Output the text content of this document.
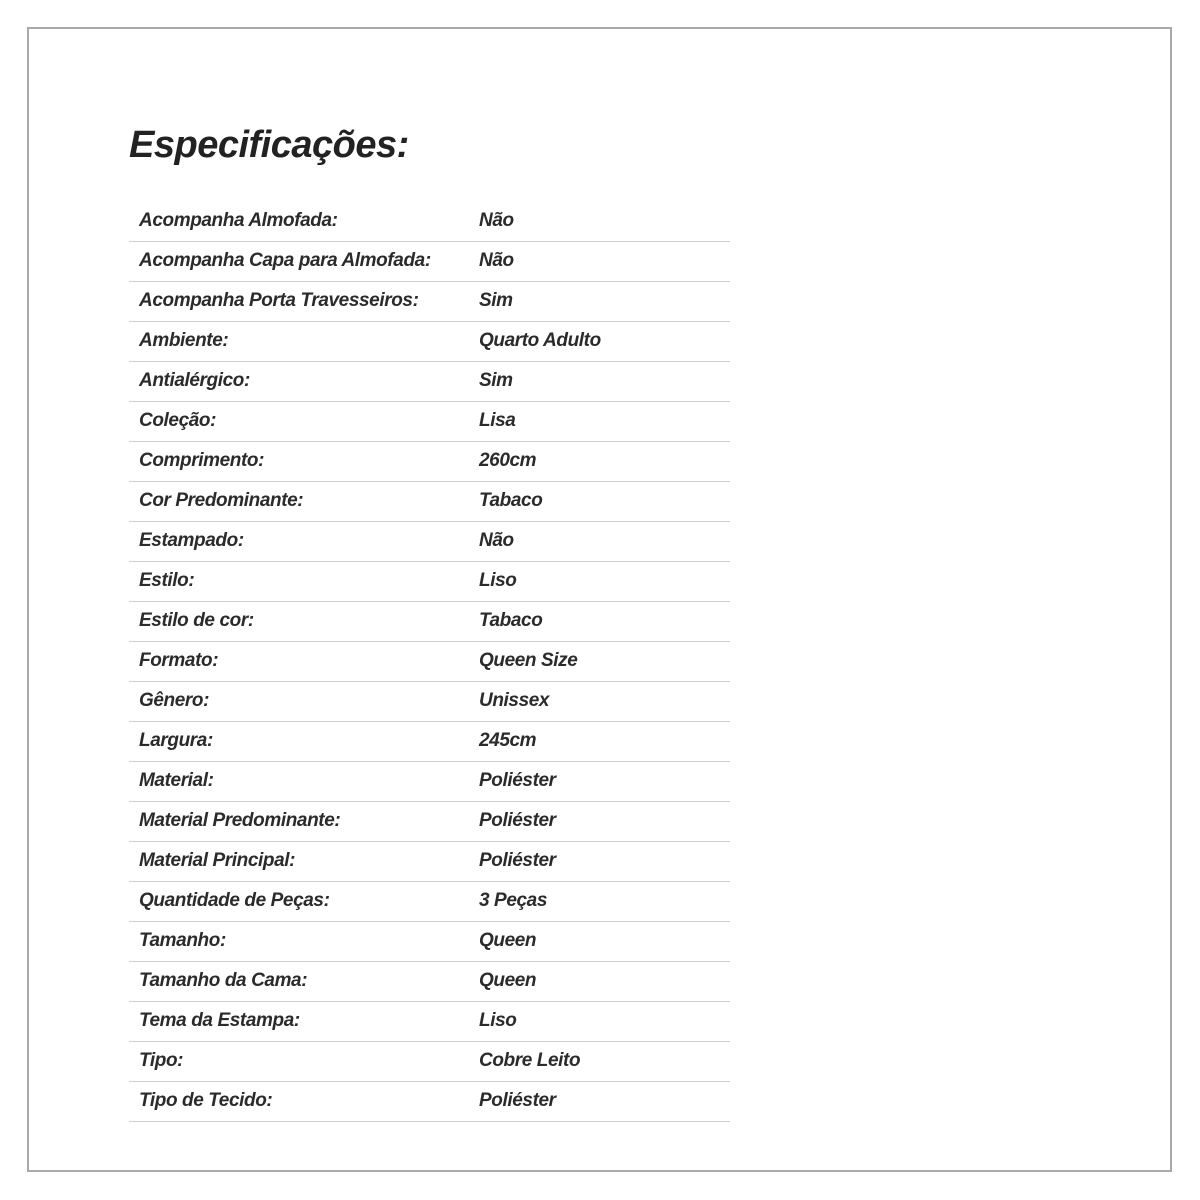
Especificações:
Acompanha Almofada:	Não
Acompanha Capa para Almofada:	Não
Acompanha Porta Travesseiros:	Sim
Ambiente:	Quarto Adulto
Antialérgico:	Sim
Coleção:	Lisa
Comprimento:	260cm
Cor Predominante:	Tabaco
Estampado:	Não
Estilo:	Liso
Estilo de cor:	Tabaco
Formato:	Queen Size
Gênero:	Unissex
Largura:	245cm
Material:	Poliéster
Material Predominante:	Poliéster
Material Principal:	Poliéster
Quantidade de Peças:	3 Peças
Tamanho:	Queen
Tamanho da Cama:	Queen
Tema da Estampa:	Liso
Tipo:	Cobre Leito
Tipo de Tecido:	Poliéster
